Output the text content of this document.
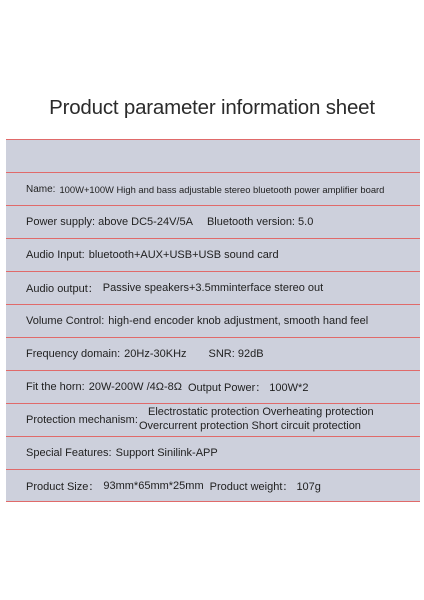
Product parameter information sheet
Name: 100W+100W High and bass adjustable stereo bluetooth power amplifier board
Power supply: above DC5-24V/5A Bluetooth version: 5.0
Audio Input: bluetooth+AUX+USB+USB sound card
Audio output： Passive speakers+3.5mminterface stereo out
Volume Control: high-end encoder knob adjustment, smooth hand feel
Frequency domain: 20Hz-30KHz SNR: 92dB
Fit the horn: 20W-200W /4Ω-8Ω Output Power： 100W*2
Protection mechanism:
Electrostatic protection Overheating protection
Overcurrent protection Short circuit protection
Special Features: Support Sinilink-APP
Product Size： 93mm*65mm*25mm Product weight： 107g
